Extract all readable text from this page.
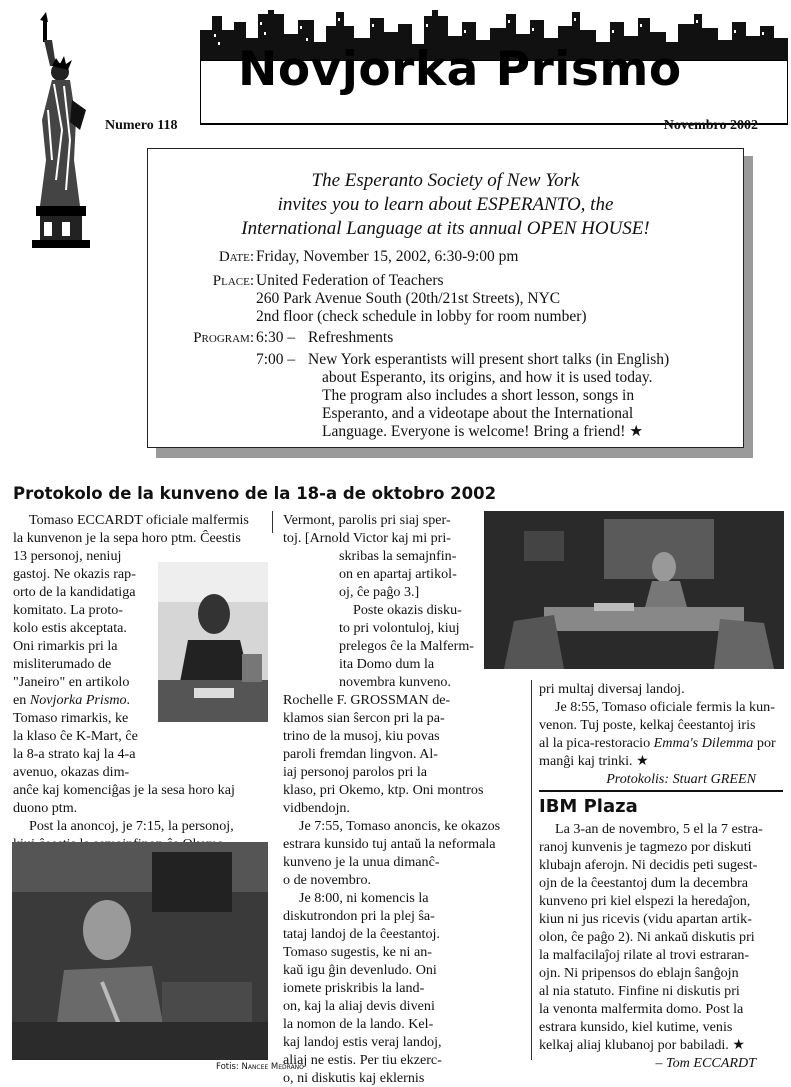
Novjorka Prismo
Numero 118	Novembro 2002
The Esperanto Society of New York
invites you to learn about ESPERANTO, the
International Language at its annual OPEN HOUSE!
Date: Friday, November 15, 2002, 6:30-9:00 pm
Place: United Federation of Teachers
260 Park Avenue South (20th/21st Streets), NYC
2nd floor (check schedule in lobby for room number)
Program: 6:30 – Refreshments
7:00 – New York esperantists will present short talks (in English)
about Esperanto, its origins, and how it is used today.
The program also includes a short lesson, songs in
Esperanto, and a videotape about the International
Language. Everyone is welcome! Bring a friend! ★
Protokolo de la kunveno de la 18-a de oktobro 2002

Tomaso ECCARDT oficiale malfermis

la kunvenon je la sepa horo ptm. Ĉeestis

13 personoj, neniuj

gastoj. Ne okazis rap-

orto de la kandidatiga

komitato. La proto-

kolo estis akceptata.

Oni rimarkis pri la

misliterumado de

"Janeiro" en artikolo

en Novjorka Prismo.

Tomaso rimarkis, ke

la klaso ĉe K-Mart, ĉe

la 8-a strato kaj la 4-a

avenuo, okazas dim-

anĉe kaj komenciĝas je la sesa horo kaj

duono ptm.

Post la anoncoj, je 7:15, la personoj,

Vermont, parolis pri siaj sper-

toj. [Arnold Victor kaj mi pri-

skribas la semajnfin-

on en apartaj artikol-

oj, ĉe paĝo 3.]

Poste okazis disku-

to pri volontuloj, kiuj

prelegos ĉe la Malferm-

ita Domo dum la

novembra kunveno.

Rochelle F. GROSSMAN de-

klamos sian ŝercon pri la pa-

trino de la musoj, kiu povas

paroli fremdan lingvon. Al-

iaj personoj parolos pri la

klaso, pri Okemo, ktp. Oni montros

vidbendojn.

Je 7:55, Tomaso anoncis, ke okazos

estrara kunsido tuj antaŭ la neformala

kunveno je la unua dimanĉ-

o de novembro.

Je 8:00, ni komencis la

diskutrondon pri la plej ŝa-

tataj landoj de la ĉeestantoj.

Tomaso sugestis, ke ni an-

kaŭ igu ĝin devenludo. Oni

iomete priskribis la land-

on, kaj la aliaj devis diveni

la nomon de la lando. Kel-

kaj landoj estis veraj landoj,

aliaj ne estis. Per tiu ekzerc-

o, ni diskutis kaj eklernis

pri multaj diversaj landoj.

Je 8:55, Tomaso oficiale fermis la kun-

venon. Tuj poste, kelkaj ĉeestantoj iris

al la pica-restoracio Emma's Dilemma por

manĝi kaj trinki. ★

Protokolis: Stuart GREEN

IBM Plaza

La 3-an de novembro, 5 el la 7 estra-

ranoj kunvenis je tagmezo por diskuti

klubajn aferojn. Ni decidis peti sugest-

ojn de la ĉeestantoj dum la decembra

kunveno pri kiel elspezi la heredaĵon,

kiun ni jus ricevis (vidu apartan artik-

olon, ĉe paĝo 2). Ni ankaŭ diskutis pri

la malfacilaĵoj rilate al trovi estraran-

ojn. Ni pripensos do eblajn ŝanĝojn

al nia statuto. Finfine ni diskutis pri

la venonta malfermita domo. Post la

estrara kunsido, kiel kutime, venis

kelkaj aliaj klubanoj por babiladi. ★

– Tom ECCARDT

Fotis: Nancee Medrano
